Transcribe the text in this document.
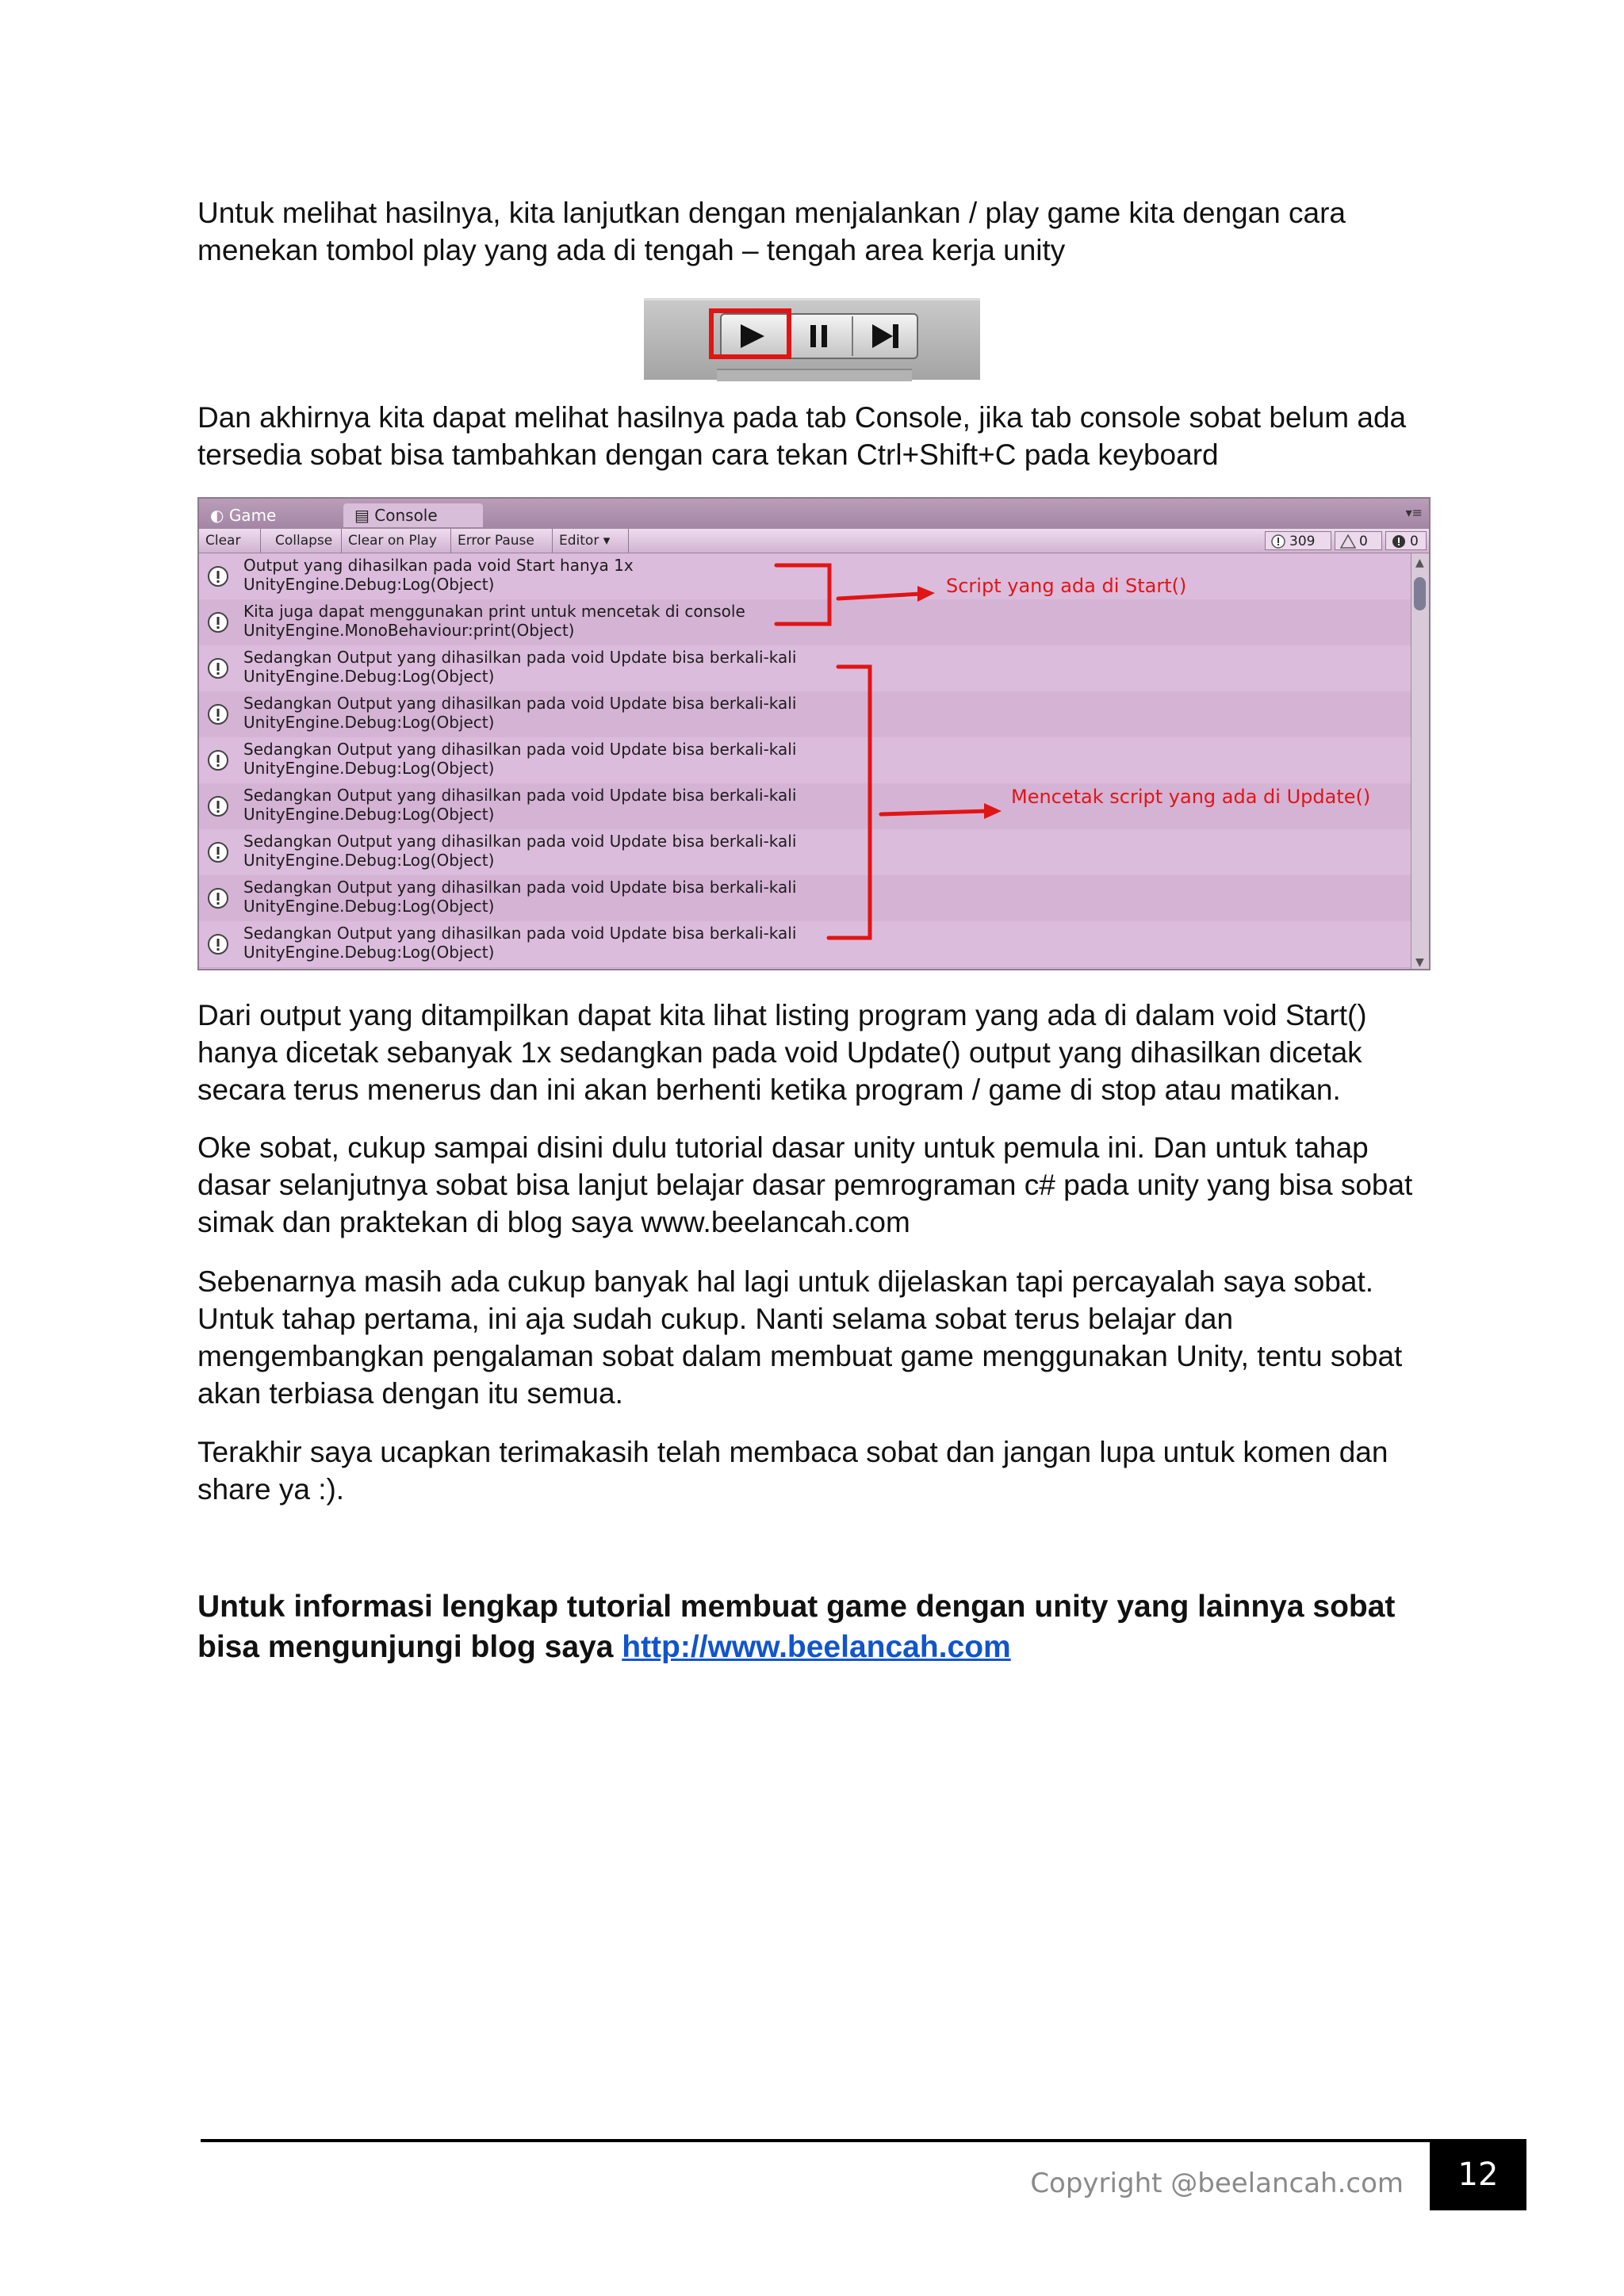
Untuk melihat hasilnya, kita lanjutkan dengan menjalankan / play game kita dengan cara menekan tombol play yang ada di tengah – tengah area kerja unity

Dan akhirnya kita dapat melihat hasilnya pada tab Console, jika tab console sobat belum ada tersedia sobat bisa tambahkan dengan cara tekan Ctrl+Shift+C pada keyboard

◐ Game	▤ Console	▾≡
Clear	Collapse	Clear on Play	Error Pause	Editor ▾	309	0	0
Output yang dihasilkan pada void Start hanya 1x
UnityEngine.Debug:Log(Object)
Kita juga dapat menggunakan print untuk mencetak di console
UnityEngine.MonoBehaviour:print(Object)
Sedangkan Output yang dihasilkan pada void Update bisa berkali-kali
UnityEngine.Debug:Log(Object)
Sedangkan Output yang dihasilkan pada void Update bisa berkali-kali
UnityEngine.Debug:Log(Object)
Sedangkan Output yang dihasilkan pada void Update bisa berkali-kali
UnityEngine.Debug:Log(Object)
Sedangkan Output yang dihasilkan pada void Update bisa berkali-kali
UnityEngine.Debug:Log(Object)
Sedangkan Output yang dihasilkan pada void Update bisa berkali-kali
UnityEngine.Debug:Log(Object)
Sedangkan Output yang dihasilkan pada void Update bisa berkali-kali
UnityEngine.Debug:Log(Object)
Sedangkan Output yang dihasilkan pada void Update bisa berkali-kali
UnityEngine.Debug:Log(Object)
▲
▼
Script yang ada di Start()
Mencetak script yang ada di Update()

Dari output yang ditampilkan dapat kita lihat listing program yang ada di dalam void Start() hanya dicetak sebanyak 1x sedangkan pada void Update() output yang dihasilkan dicetak secara terus menerus dan ini akan berhenti ketika program / game di stop atau matikan.

Oke sobat, cukup sampai disini dulu tutorial dasar unity untuk pemula ini. Dan untuk tahap dasar selanjutnya sobat bisa lanjut belajar dasar pemrograman c# pada unity yang bisa sobat simak dan praktekan di blog saya www.beelancah.com

Sebenarnya masih ada cukup banyak hal lagi untuk dijelaskan tapi percayalah saya sobat. Untuk tahap pertama, ini aja sudah cukup. Nanti selama sobat terus belajar dan mengembangkan pengalaman sobat dalam membuat game menggunakan Unity, tentu sobat akan terbiasa dengan itu semua.

Terakhir saya ucapkan terimakasih telah membaca sobat dan jangan lupa untuk komen dan share ya :).

Untuk informasi lengkap tutorial membuat game dengan unity yang lainnya sobat bisa mengunjungi blog saya http://www.beelancah.com

Copyright @beelancah.com	12
